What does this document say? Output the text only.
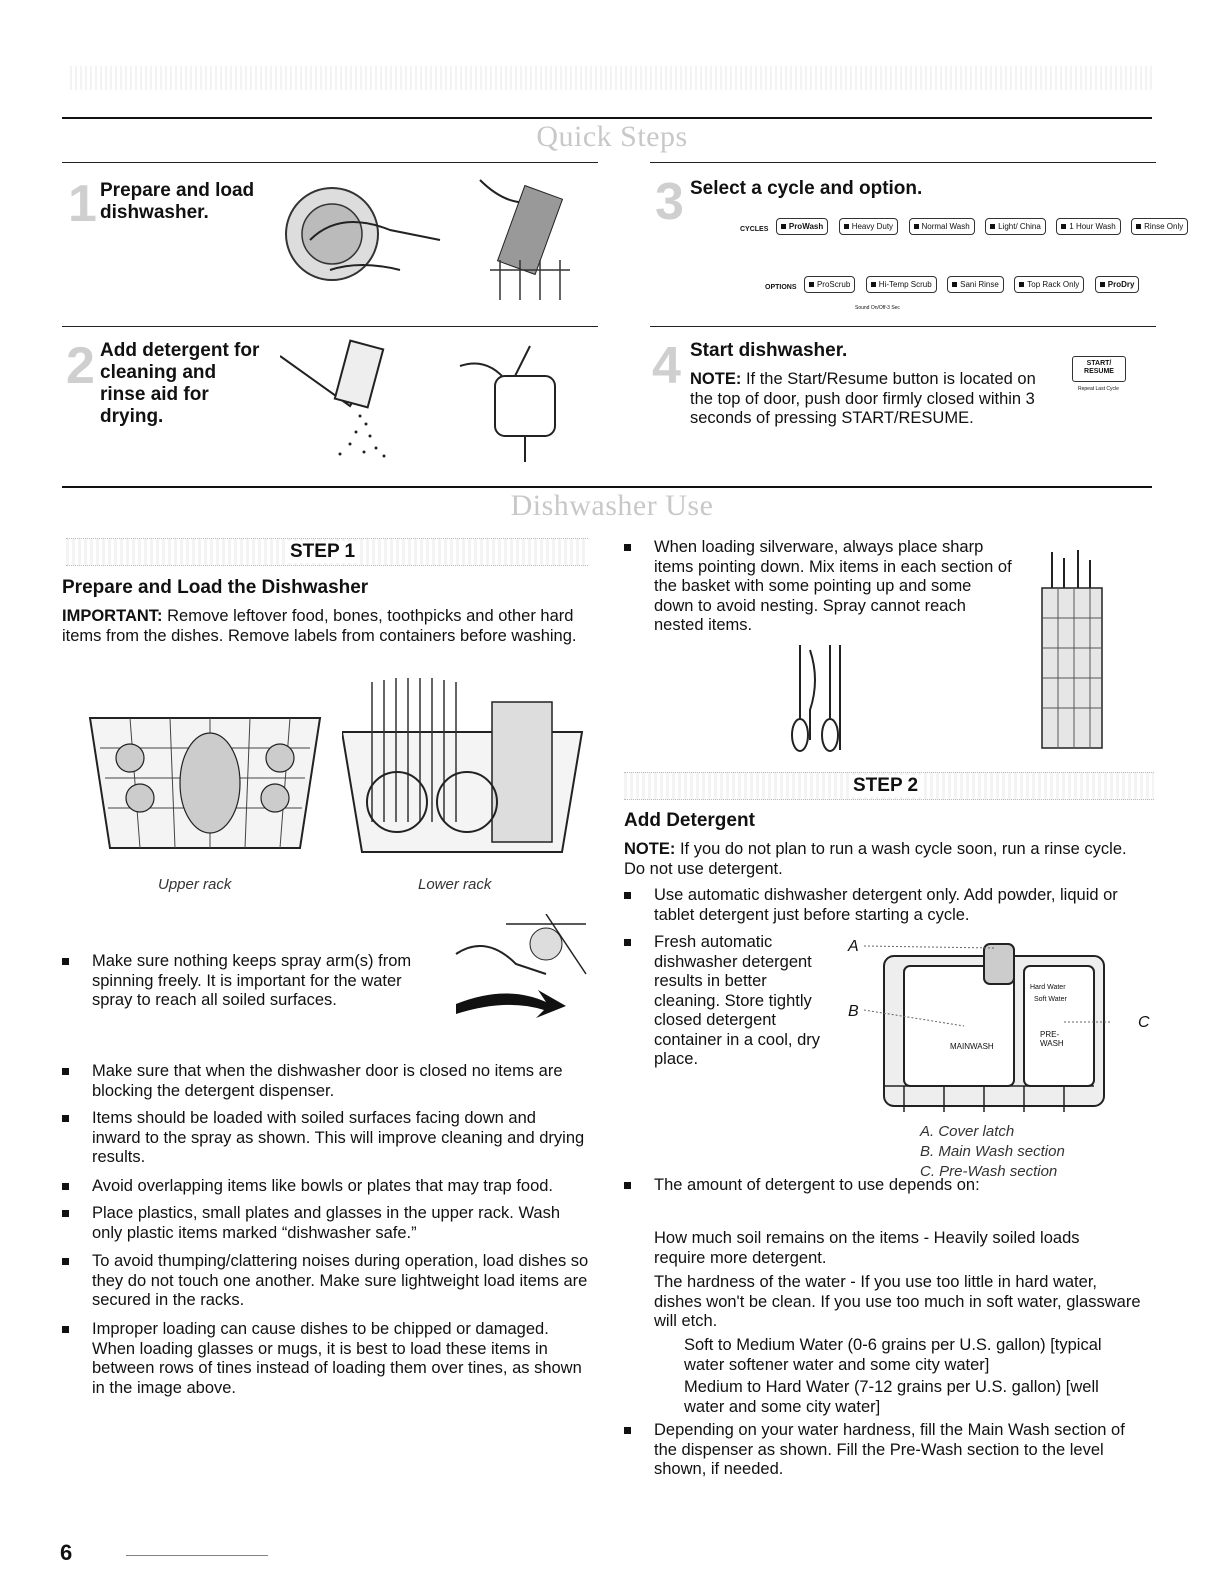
Quick Steps
1 Prepare and load dishwasher.	3 Select a cycle and option.
CYCLES	ProWash	Heavy Duty	Normal Wash	Light/ China	1 Hour Wash	Rinse Only
OPTIONS	ProScrub	Hi-Temp Scrub	Sani Rinse	Top Rack Only	ProDry
Sound On/Off-3 Sec
2 Add detergent for cleaning and rinse aid for drying.
4 Start dishwasher.
NOTE: If the Start/Resume button is located on the top of door, push door firmly closed within 3 seconds of pressing START/RESUME.
START/ RESUME
Repeat Last Cycle
Dishwasher Use
STEP 1
Prepare and Load the Dishwasher
IMPORTANT: Remove leftover food, bones, toothpicks and other hard items from the dishes. Remove labels from containers before washing.
Upper rack	Lower rack
Make sure nothing keeps spray arm(s) from spinning freely. It is important for the water spray to reach all soiled surfaces.
Make sure that when the dishwasher door is closed no items are blocking the detergent dispenser.
Items should be loaded with soiled surfaces facing down and inward to the spray as shown. This will improve cleaning and drying results.
Avoid overlapping items like bowls or plates that may trap food.
Place plastics, small plates and glasses in the upper rack. Wash only plastic items marked “dishwasher safe.”
To avoid thumping/clattering noises during operation, load dishes so they do not touch one another. Make sure lightweight load items are secured in the racks.
Improper loading can cause dishes to be chipped or damaged. When loading glasses or mugs, it is best to load these items in between rows of tines instead of loading them over tines, as shown in the image above.
When loading silverware, always place sharp items pointing down. Mix items in each section of the basket with some pointing up and some down to avoid nesting. Spray cannot reach nested items.
STEP 2
Add Detergent
NOTE: If you do not plan to run a wash cycle soon, run a rinse cycle. Do not use detergent.
Use automatic dishwasher detergent only. Add powder, liquid or tablet detergent just before starting a cycle.
Fresh automatic dishwasher detergent results in better cleaning. Store tightly closed detergent container in a cool, dry place.
A
B
C
MAINWASH
PRE-WASH
Hard Water
Soft Water
A. Cover latch
B. Main Wash section
C. Pre-Wash section
The amount of detergent to use depends on:
How much soil remains on the items - Heavily soiled loads require more detergent.
The hardness of the water - If you use too little in hard water, dishes won't be clean. If you use too much in soft water, glassware will etch.
Soft to Medium Water (0-6 grains per U.S. gallon) [typical water softener water and some city water]
Medium to Hard Water (7-12 grains per U.S. gallon) [well water and some city water]
Depending on your water hardness, fill the Main Wash section of the dispenser as shown. Fill the Pre-Wash section to the level shown, if needed.
6
